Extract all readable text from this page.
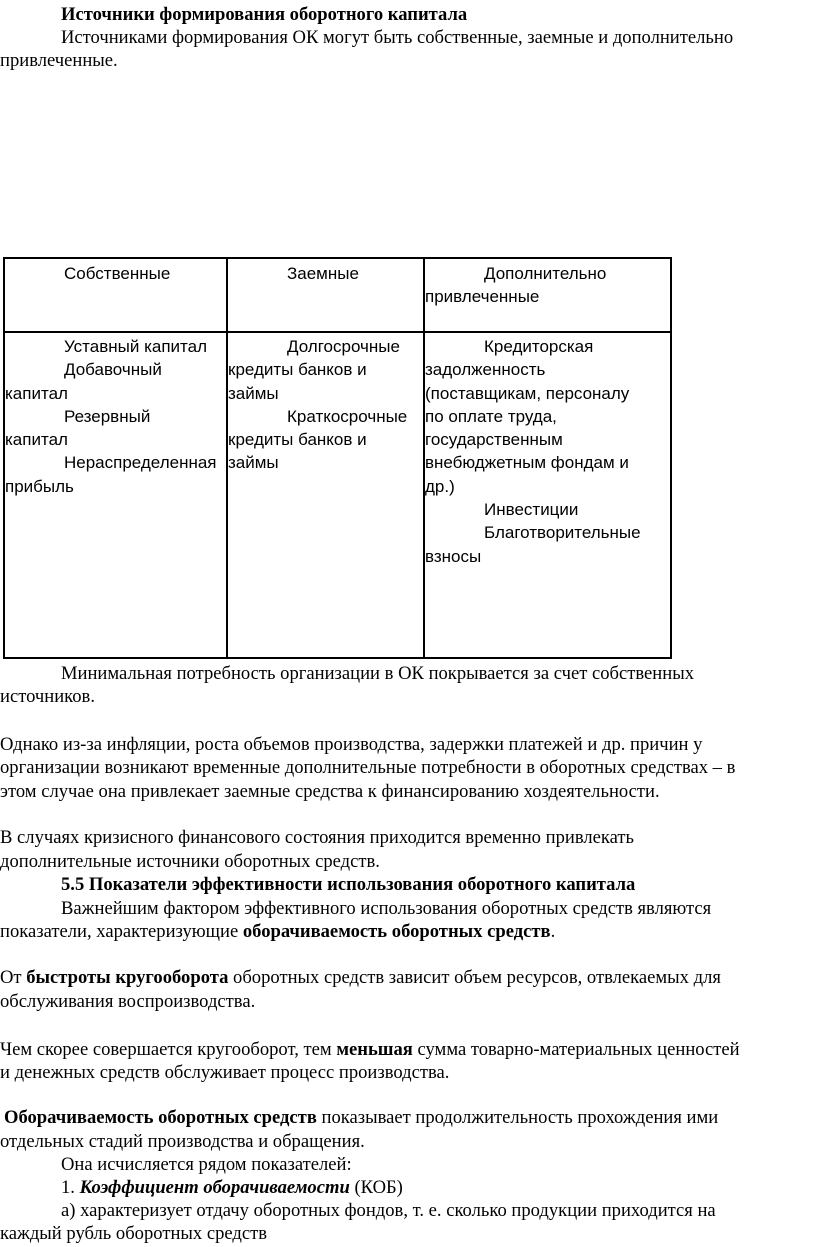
Источники формирования оборотного капитала
Источниками формирования ОК могут быть собственные, заемные и дополнительно
привлеченные.
Собственные	Заемные	Дополнительно
привлеченные
Уставный капитал
Добавочный
капитал
Резервный
капитал
Нераспределенная
прибыль
Долгосрочные
кредиты банков и
займы
Краткосрочные
кредиты банков и
займы
Кредиторская
задолженность
(поставщикам, персоналу
по оплате труда,
государственным
внебюджетным фондам и
др.)
Инвестиции
Благотворительные
взносы
Минимальная потребность организации в ОК покрывается за счет собственных
источников.
Однако из-за инфляции, роста объемов производства, задержки платежей и др. причин у
организации возникают временные дополнительные потребности в оборотных средствах – в
этом случае она привлекает заемные средства к финансированию хоздеятельности.
В случаях кризисного финансового состояния приходится временно привлекать
дополнительные источники оборотных средств.
5.5 Показатели эффективности использования оборотного капитала
Важнейшим фактором эффективного использования оборотных средств являются
показатели, характеризующие оборачиваемость оборотных средств.
От быстроты кругооборота оборотных средств зависит объем ресурсов, отвлекаемых для
обслуживания воспроизводства.
Чем скорее совершается кругооборот, тем меньшая сумма товарно-материальных ценностей
и денежных средств обслуживает процесс производства.
Оборачиваемость оборотных средств показывает продолжительность прохождения ими
отдельных стадий производства и обращения.
Она исчисляется рядом показателей:
1. Коэффициент оборачиваемости (КОБ)
а) характеризует отдачу оборотных фондов, т. е. сколько продукции приходится на
каждый рубль оборотных средств
